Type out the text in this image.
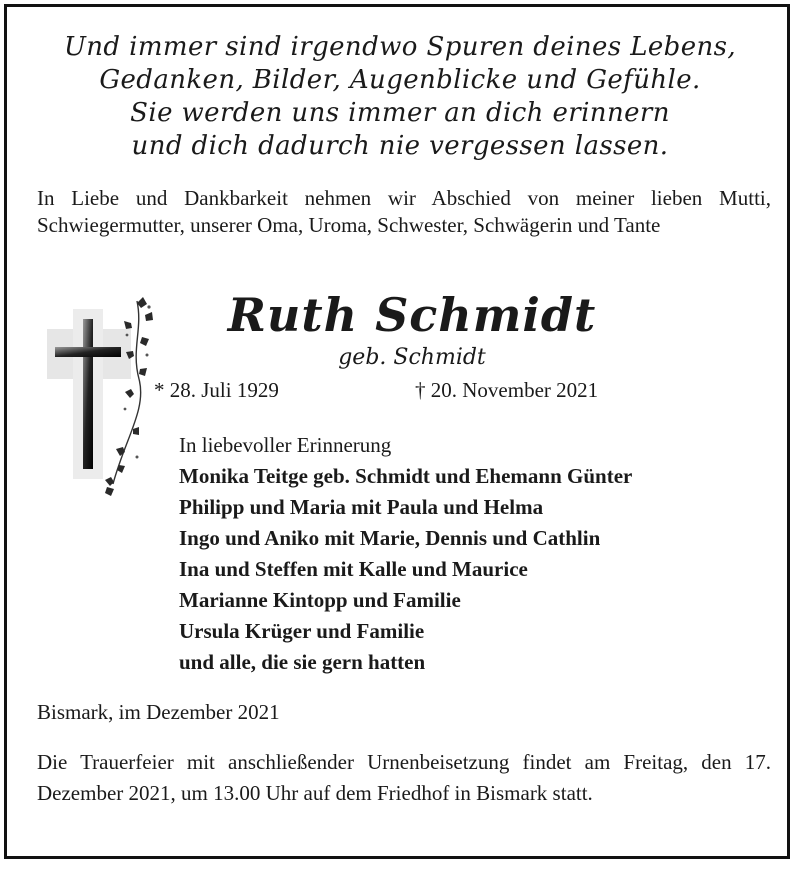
Und immer sind irgendwo Spuren deines Lebens,
Gedanken, Bilder, Augenblicke und Gefühle.
Sie werden uns immer an dich erinnern
und dich dadurch nie vergessen lassen.
In Liebe und Dankbarkeit nehmen wir Abschied von meiner lieben Mutti, Schwiegermutter, unserer Oma, Uroma, Schwester, Schwägerin und Tante
Ruth Schmidt
geb. Schmidt
* 28. Juli 1929	† 20. November 2021
In liebevoller Erinnerung
Monika Teitge geb. Schmidt und Ehemann Günter
Philipp und Maria mit Paula und Helma
Ingo und Aniko mit Marie, Dennis und Cathlin
Ina und Steffen mit Kalle und Maurice
Marianne Kintopp und Familie
Ursula Krüger und Familie
und alle, die sie gern hatten
Bismark, im Dezember 2021
Die Trauerfeier mit anschließender Urnenbeisetzung findet am Freitag, den 17. Dezember 2021, um 13.00 Uhr auf dem Friedhof in Bismark statt.
